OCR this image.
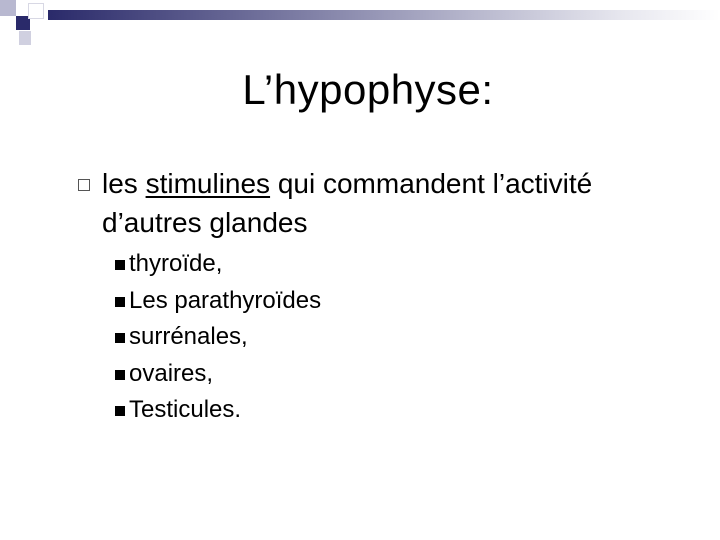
L’hypophyse:
les stimulines qui commandent l’activité
d’autres glandes
thyroïde,
Les parathyroïdes
surrénales,
ovaires,
Testicules.
